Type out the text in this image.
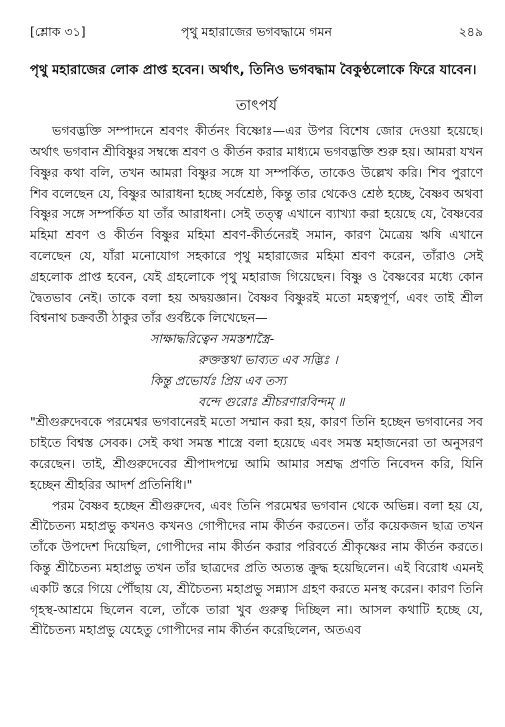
[শ্লোক ৩১]	পৃথু মহারাজের ভগবদ্ধামে গমন	২৪৯

পৃথু মহারাজের লোক প্রাপ্ত হবেন। অর্থাৎ, তিনিও ভগবদ্ধাম বৈকুণ্ঠলোকে ফিরে যাবেন।

তাৎপর্য

ভগবদ্ভক্তি সম্পাদনে শ্রবণং কীর্তনং বিষ্ণোঃ—এর উপর বিশেষ জোর দেওয়া হয়েছে। অর্থাৎ ভগবান শ্রীবিষ্ণুর সম্বন্ধে শ্রবণ ও কীর্তন করার মাধ্যমে ভগবদ্ভক্তি শুরু হয়। আমরা যখন বিষ্ণুর কথা বলি, তখন আমরা বিষ্ণুর সঙ্গে যা সম্পর্কিত, তাকেও উল্লেখ করি। শিব পুরাণে শিব বলেছেন যে, বিষ্ণুর আরাধনা হচ্ছে সর্বশ্রেষ্ঠ, কিন্তু তার থেকেও শ্রেষ্ঠ হচ্ছে, বৈষ্ণব অথবা বিষ্ণুর সঙ্গে সম্পর্কিত যা তাঁর আরাধনা। সেই তত্ত্ব এখানে ব্যাখ্যা করা হয়েছে যে, বৈষ্ণবের মহিমা শ্রবণ ও কীর্তন বিষ্ণুর মহিমা শ্রবণ-কীর্তনেরই সমান, কারণ মৈত্রেয় ঋষি এখানে বলেছেন যে, যাঁরা মনোযোগ সহকারে পৃথু মহারাজের মহিমা শ্রবণ করেন, তাঁরাও সেই গ্রহলোক প্রাপ্ত হবেন, যেই গ্রহলোকে পৃথু মহারাজ গিয়েছেন। বিষ্ণু ও বৈষ্ণবের মধ্যে কোন দ্বৈতভাব নেই। তাকে বলা হয় অদ্বয়জ্ঞান। বৈষ্ণব বিষ্ণুরই মতো মহত্বপূর্ণ, এবং তাই শ্রীল বিশ্বনাথ চক্রবর্তী ঠাকুর তাঁর গুর্বষ্টকে লিখেছেন—

সাক্ষাদ্ধরিত্বেন সমস্তশাস্ত্রৈ-

রুক্তস্তথা ভাব্যত এব সদ্ভিঃ ।

কিন্তু প্রভোর্যঃ প্রিয় এব তস্য

বন্দে গুরোঃ শ্রীচরণারবিন্দম্ ॥

"শ্রীগুরুদেবকে পরমেশ্বর ভগবানেরই মতো সম্মান করা হয়, কারণ তিনি হচ্ছেন ভগবানের সব চাইতে বিশ্বস্ত সেবক। সেই কথা সমস্ত শাস্ত্রে বলা হয়েছে এবং সমস্ত মহাজনেরা তা অনুসরণ করেছেন। তাই, শ্রীগুরুদেবের শ্রীপাদপদ্মে আমি আমার সশ্রদ্ধ প্রণতি নিবেদন করি, যিনি হচ্ছেন শ্রীহরির আদর্শ প্রতিনিধি।"

পরম বৈষ্ণব হচ্ছেন শ্রীগুরুদেব, এবং তিনি পরমেশ্বর ভগবান থেকে অভিন্ন। বলা হয় যে, শ্রীচৈতন্য মহাপ্রভু কখনও কখনও গোপীদের নাম কীর্তন করতেন। তাঁর কয়েকজন ছাত্র তখন তাঁকে উপদেশ দিয়েছিল, গোপীদের নাম কীর্তন করার পরিবর্তে শ্রীকৃষ্ণের নাম কীর্তন করতে। কিন্তু শ্রীচৈতন্য মহাপ্রভু তখন তাঁর ছাত্রদের প্রতি অত্যন্ত ক্রুদ্ধ হয়েছিলেন। এই বিরোধ এমনই একটি স্তরে গিয়ে পৌঁছায় যে, শ্রীচৈতন্য মহাপ্রভু সন্ন্যাস গ্রহণ করতে মনস্থ করেন। কারণ তিনি গৃহস্থ-আশ্রমে ছিলেন বলে, তাঁকে তারা খুব গুরুত্ব দিচ্ছিল না। আসল কথাটি হচ্ছে যে, শ্রীচৈতন্য মহাপ্রভু যেহেতু গোপীদের নাম কীর্তন করেছিলেন, অতএব
